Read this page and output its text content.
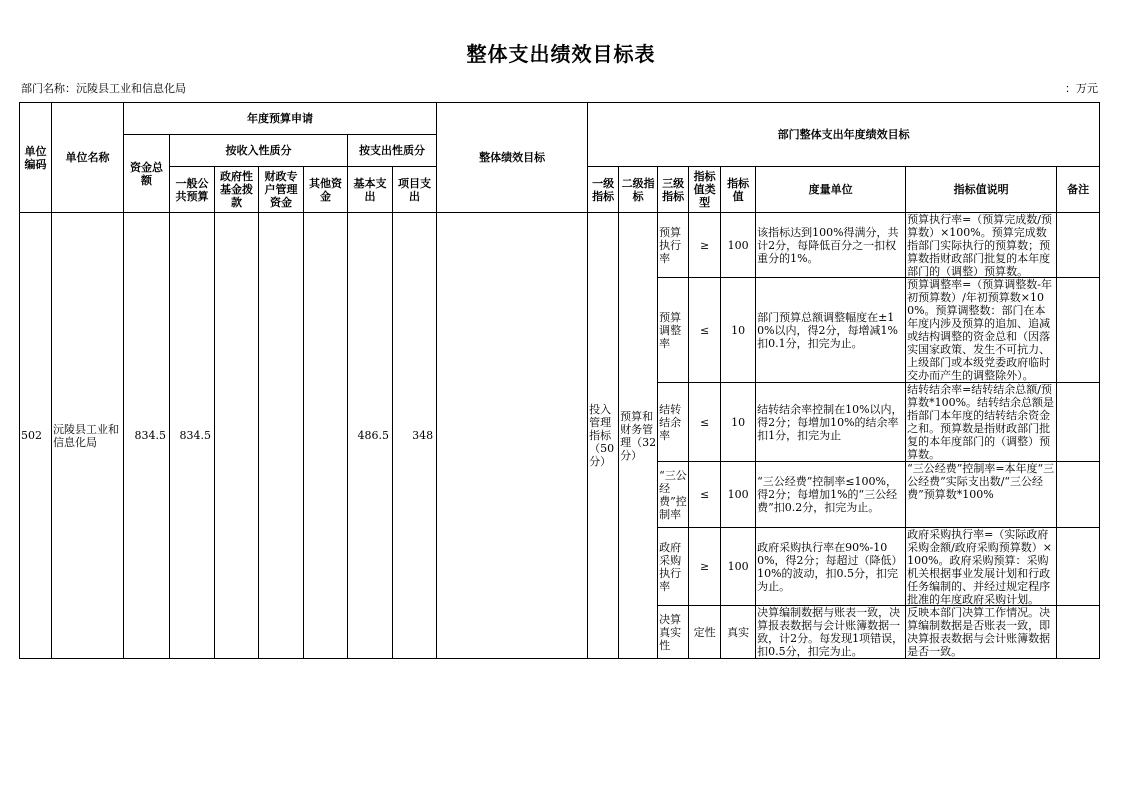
整体支出绩效目标表
部门名称：沅陵县工业和信息化局	：万元
单位编码	单位名称	年度预算申请							整体绩效目标	部门整体支出年度绩效目标							
		资金总额	按收入性质分				按支出性质分										
			一般公共预算	政府性基金拨款	财政专户管理资金	其他资金	基本支出	项目支出		一级指标	二级指标	三级指标	指标值类型	指标值	度量单位	指标值说明	备注
502	沅陵县工业和信息化局	834.5	834.5				486.5	348		投入管理指标（50分）	预算和财务管理（32分）	预算执行率	≥	100	该指标达到100%得满分，共计2分，每降低百分之一扣权重分的1%。	预算执行率=（预算完成数/预算数）×100%。预算完成数指部门实际执行的预算数；预算数指财政部门批复的本年度部门的（调整）预算数。	

												预算调整率	≤	10	部门预算总额调整幅度在±10%以内，得2分，每增减1%扣0.1分，扣完为止。	预算调整率=（预算调整数-年初预算数）/年初预算数×100%。预算调整数：部门在本年度内涉及预算的追加、追减或结构调整的资金总和（因落实国家政策、发生不可抗力、上级部门或本级党委政府临时交办而产生的调整除外）。	

												结转结余率	≤	10	结转结余率控制在10%以内，得2分；每增加10%的结余率扣1分，扣完为止	结转结余率=结转结余总额/预算数*100%。结转结余总额是指部门本年度的结转结余资金之和。预算数是指财政部门批复的本年度部门的（调整）预算数。	

												“三公经费”控制率	≤	100	“三公经费”控制率≤100%，得2分；每增加1%的“三公经费”扣0.2分，扣完为止。	“三公经费”控制率=本年度“三公经费”实际支出数/“三公经费”预算数*100%	

												政府采购执行率	≥	100	政府采购执行率在90%-100%，得2分；每超过（降低）10%的波动，扣0.5分，扣完为止。	政府采购执行率=（实际政府采购金额/政府采购预算数）×100%。政府采购预算：采购机关根据事业发展计划和行政任务编制的、并经过规定程序批准的年度政府采购计划。	

												决算真实性	定性	真实	决算编制数据与账表一致，决算报表数据与会计账簿数据一致，计2分。每发现1项错误，扣0.5分，扣完为止。	反映本部门决算工作情况。决算编制数据是否账表一致，即决算报表数据与会计账簿数据是否一致。	
